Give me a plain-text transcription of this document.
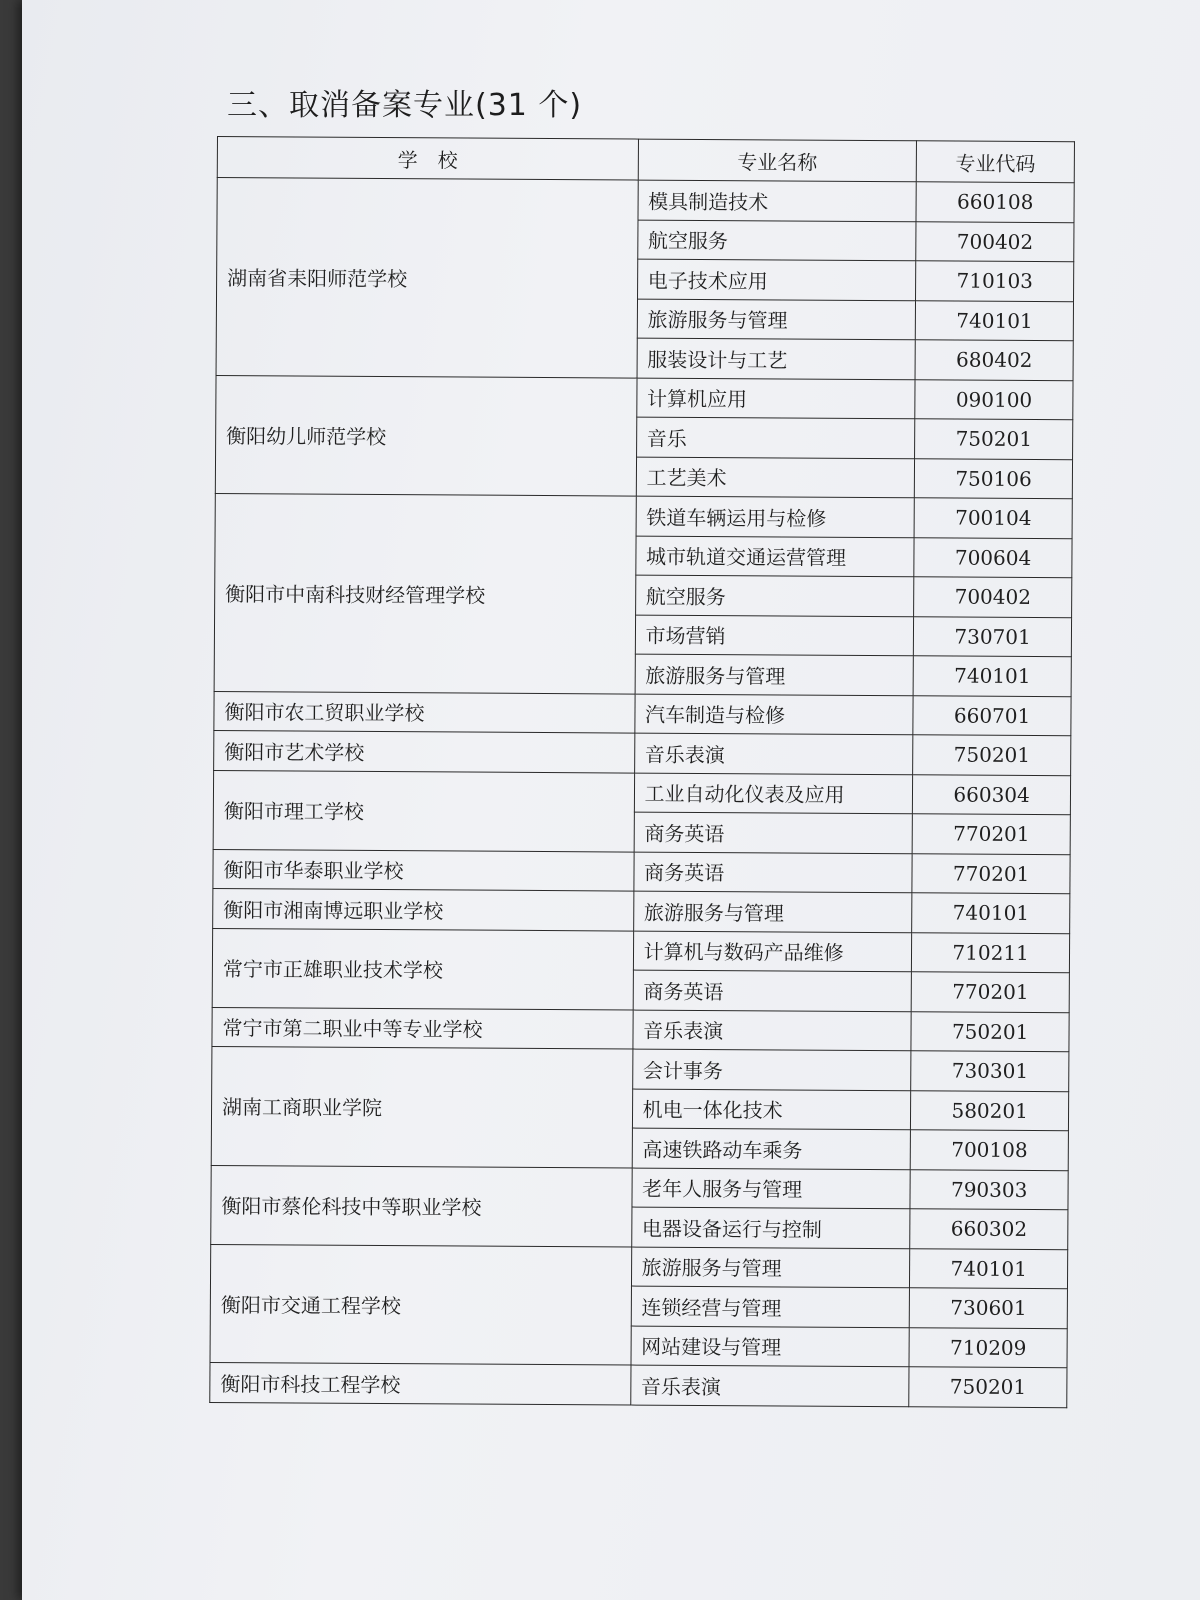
三、取消备案专业(31 个)
学　校	专业名称	专业代码
湖南省耒阳师范学校	模具制造技术	660108
	航空服务	700402
	电子技术应用	710103
	旅游服务与管理	740101
	服装设计与工艺	680402
衡阳幼儿师范学校	计算机应用	090100
	音乐	750201
	工艺美术	750106
衡阳市中南科技财经管理学校	铁道车辆运用与检修	700104
	城市轨道交通运营管理	700604
	航空服务	700402
	市场营销	730701
	旅游服务与管理	740101
衡阳市农工贸职业学校	汽车制造与检修	660701
衡阳市艺术学校	音乐表演	750201
衡阳市理工学校	工业自动化仪表及应用	660304
	商务英语	770201
衡阳市华泰职业学校	商务英语	770201
衡阳市湘南博远职业学校	旅游服务与管理	740101
常宁市正雄职业技术学校	计算机与数码产品维修	710211
	商务英语	770201
常宁市第二职业中等专业学校	音乐表演	750201
湖南工商职业学院	会计事务	730301
	机电一体化技术	580201
	高速铁路动车乘务	700108
衡阳市蔡伦科技中等职业学校	老年人服务与管理	790303
	电器设备运行与控制	660302
衡阳市交通工程学校	旅游服务与管理	740101
	连锁经营与管理	730601
	网站建设与管理	710209
衡阳市科技工程学校	音乐表演	750201
